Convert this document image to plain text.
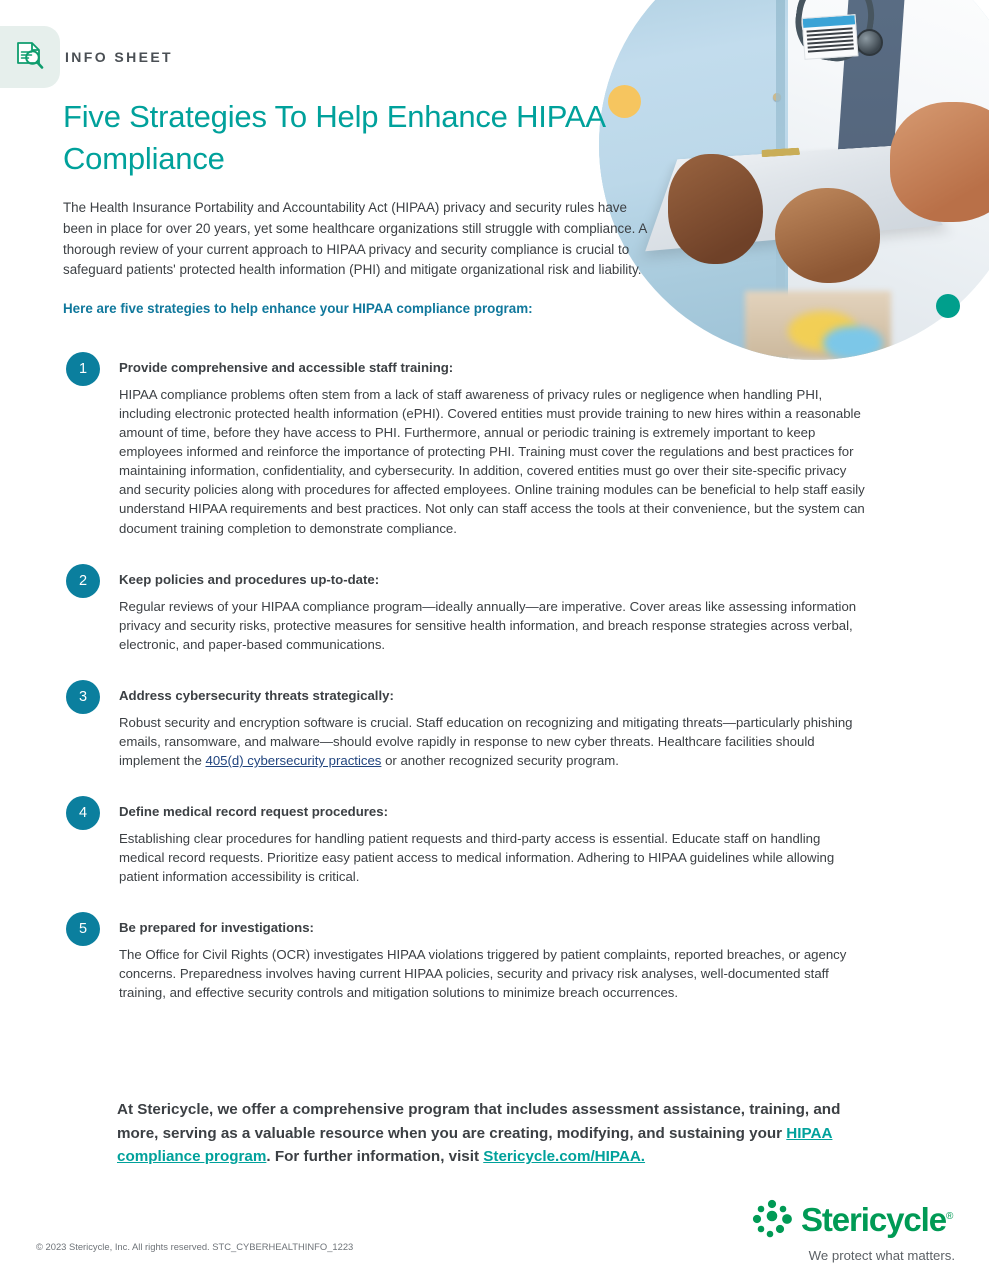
INFO SHEET
Five Strategies To Help Enhance HIPAA Compliance

The Health Insurance Portability and Accountability Act (HIPAA) privacy and security rules have been in place for over 20 years, yet some healthcare organizations still struggle with compliance. A thorough review of your current approach to HIPAA privacy and security compliance is crucial to safeguard patients' protected health information (PHI) and mitigate organizational risk and liability.

Here are five strategies to help enhance your HIPAA compliance program:

1	Provide comprehensive and accessible staff training:
HIPAA compliance problems often stem from a lack of staff awareness of privacy rules or negligence when handling PHI, including electronic protected health information (ePHI). Covered entities must provide training to new hires within a reasonable amount of time, before they have access to PHI. Furthermore, annual or periodic training is extremely important to keep employees informed and reinforce the importance of protecting PHI. Training must cover the regulations and best practices for maintaining information, confidentiality, and cybersecurity. In addition, covered entities must go over their site-specific privacy and security policies along with procedures for affected employees. Online training modules can be beneficial to help staff easily understand HIPAA requirements and best practices. Not only can staff access the tools at their convenience, but the system can document training completion to demonstrate compliance.
2	Keep policies and procedures up-to-date:
Regular reviews of your HIPAA compliance program—ideally annually—are imperative. Cover areas like assessing information privacy and security risks, protective measures for sensitive health information, and breach response strategies across verbal, electronic, and paper-based communications.
3	Address cybersecurity threats strategically:
Robust security and encryption software is crucial. Staff education on recognizing and mitigating threats—particularly phishing emails, ransomware, and malware—should evolve rapidly in response to new cyber threats. Healthcare facilities should implement the 405(d) cybersecurity practices or another recognized security program.
4	Define medical record request procedures:
Establishing clear procedures for handling patient requests and third-party access is essential. Educate staff on handling medical record requests. Prioritize easy patient access to medical information. Adhering to HIPAA guidelines while allowing patient information accessibility is critical.
5	Be prepared for investigations:
The Office for Civil Rights (OCR) investigates HIPAA violations triggered by patient complaints, reported breaches, or agency concerns. Preparedness involves having current HIPAA policies, security and privacy risk analyses, well-documented staff training, and effective security controls and mitigation solutions to minimize breach occurrences.
At Stericycle, we offer a comprehensive program that includes assessment assistance, training, and more, serving as a valuable resource when you are creating, modifying, and sustaining your HIPAA compliance program. For further information, visit Stericycle.com/HIPAA.
© 2023 Stericycle, Inc. All rights reserved. STC_CYBERHEALTHINFO_1223
Stericycle®
We protect what matters.
